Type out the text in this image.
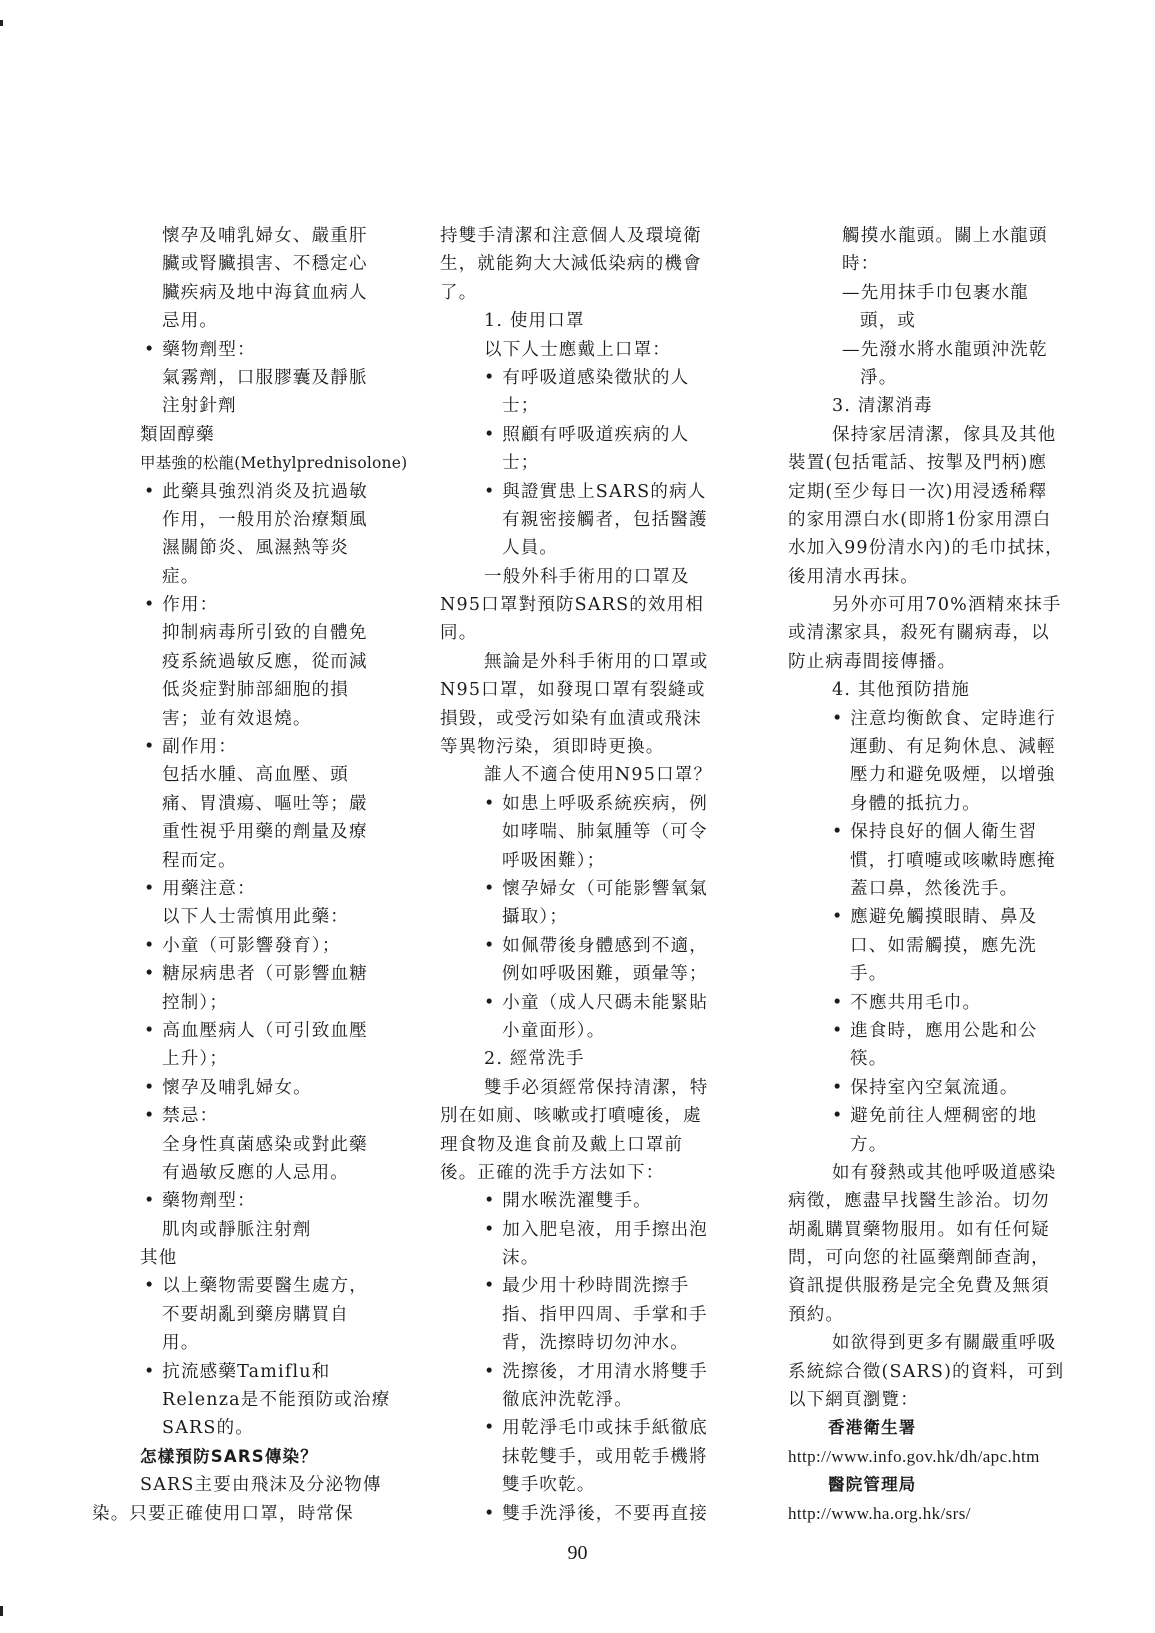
懷孕及哺乳婦女、嚴重肝
臟或腎臟損害、不穩定心
臟疾病及地中海貧血病人
忌用。
• 藥物劑型：
氣霧劑，口服膠囊及靜脈
注射針劑
類固醇藥
甲基強的松龍(Methylprednisolone)
• 此藥具強烈消炎及抗過敏
作用，一般用於治療類風
濕關節炎、風濕熱等炎
症。
• 作用：
抑制病毒所引致的自體免
疫系統過敏反應，從而減
低炎症對肺部細胞的損
害；並有效退燒。
• 副作用：
包括水腫、高血壓、頭
痛、胃潰瘍、嘔吐等；嚴
重性視乎用藥的劑量及療
程而定。
• 用藥注意：
以下人士需慎用此藥：
• 小童（可影響發育）；
• 糖尿病患者（可影響血糖
控制）；
• 高血壓病人（可引致血壓
上升）；
• 懷孕及哺乳婦女。
• 禁忌：
全身性真菌感染或對此藥
有過敏反應的人忌用。
• 藥物劑型：
肌肉或靜脈注射劑
其他
• 以上藥物需要醫生處方，
不要胡亂到藥房購買自
用。
• 抗流感藥Tamiflu和
Relenza是不能預防或治療
SARS的。
怎樣預防SARS傳染？
SARS主要由飛沫及分泌物傳
染。只要正確使用口罩，時常保
持雙手清潔和注意個人及環境衛
生，就能夠大大減低染病的機會
了。
1. 使用口罩
以下人士應戴上口罩：
• 有呼吸道感染徵狀的人
士；
• 照顧有呼吸道疾病的人
士；
• 與證實患上SARS的病人
有親密接觸者，包括醫護
人員。
一般外科手術用的口罩及
N95口罩對預防SARS的效用相
同。
無論是外科手術用的口罩或
N95口罩，如發現口罩有裂縫或
損毀，或受污如染有血漬或飛沫
等異物污染，須即時更換。
誰人不適合使用N95口罩？
• 如患上呼吸系統疾病，例
如哮喘、肺氣腫等（可令
呼吸困難）；
• 懷孕婦女（可能影響氧氣
攝取）；
• 如佩帶後身體感到不適，
例如呼吸困難，頭暈等；
• 小童（成人尺碼未能緊貼
小童面形）。
2. 經常洗手
雙手必須經常保持清潔，特
別在如廁、咳嗽或打噴嚏後，處
理食物及進食前及戴上口罩前
後。正確的洗手方法如下：
• 開水喉洗濯雙手。
• 加入肥皂液，用手擦出泡
沫。
• 最少用十秒時間洗擦手
指、指甲四周、手掌和手
背，洗擦時切勿沖水。
• 洗擦後，才用清水將雙手
徹底沖洗乾淨。
• 用乾淨毛巾或抹手紙徹底
抹乾雙手，或用乾手機將
雙手吹乾。
• 雙手洗淨後，不要再直接
觸摸水龍頭。關上水龍頭
時：
—先用抹手巾包裹水龍
頭，或
—先潑水將水龍頭沖洗乾
淨。
3. 清潔消毒
保持家居清潔，傢具及其他
裝置(包括電話、按掣及門柄)應
定期(至少每日一次)用浸透稀釋
的家用漂白水(即將1份家用漂白
水加入99份清水內)的毛巾拭抹，
後用清水再抹。
另外亦可用70%酒精來抹手
或清潔家具，殺死有關病毒，以
防止病毒間接傳播。
4. 其他預防措施
• 注意均衡飲食、定時進行
運動、有足夠休息、減輕
壓力和避免吸煙，以增強
身體的抵抗力。
• 保持良好的個人衛生習
慣，打噴嚏或咳嗽時應掩
蓋口鼻，然後洗手。
• 應避免觸摸眼睛、鼻及
口、如需觸摸，應先洗
手。
• 不應共用毛巾。
• 進食時，應用公匙和公
筷。
• 保持室內空氣流通。
• 避免前往人煙稠密的地
方。
如有發熱或其他呼吸道感染
病徵，應盡早找醫生診治。切勿
胡亂購買藥物服用。如有任何疑
問，可向您的社區藥劑師查詢，
資訊提供服務是完全免費及無須
預約。
如欲得到更多有關嚴重呼吸
系統綜合徵(SARS)的資料，可到
以下網頁瀏覽：
香港衛生署
http://www.info.gov.hk/dh/apc.htm
醫院管理局
http://www.ha.org.hk/srs/
90
